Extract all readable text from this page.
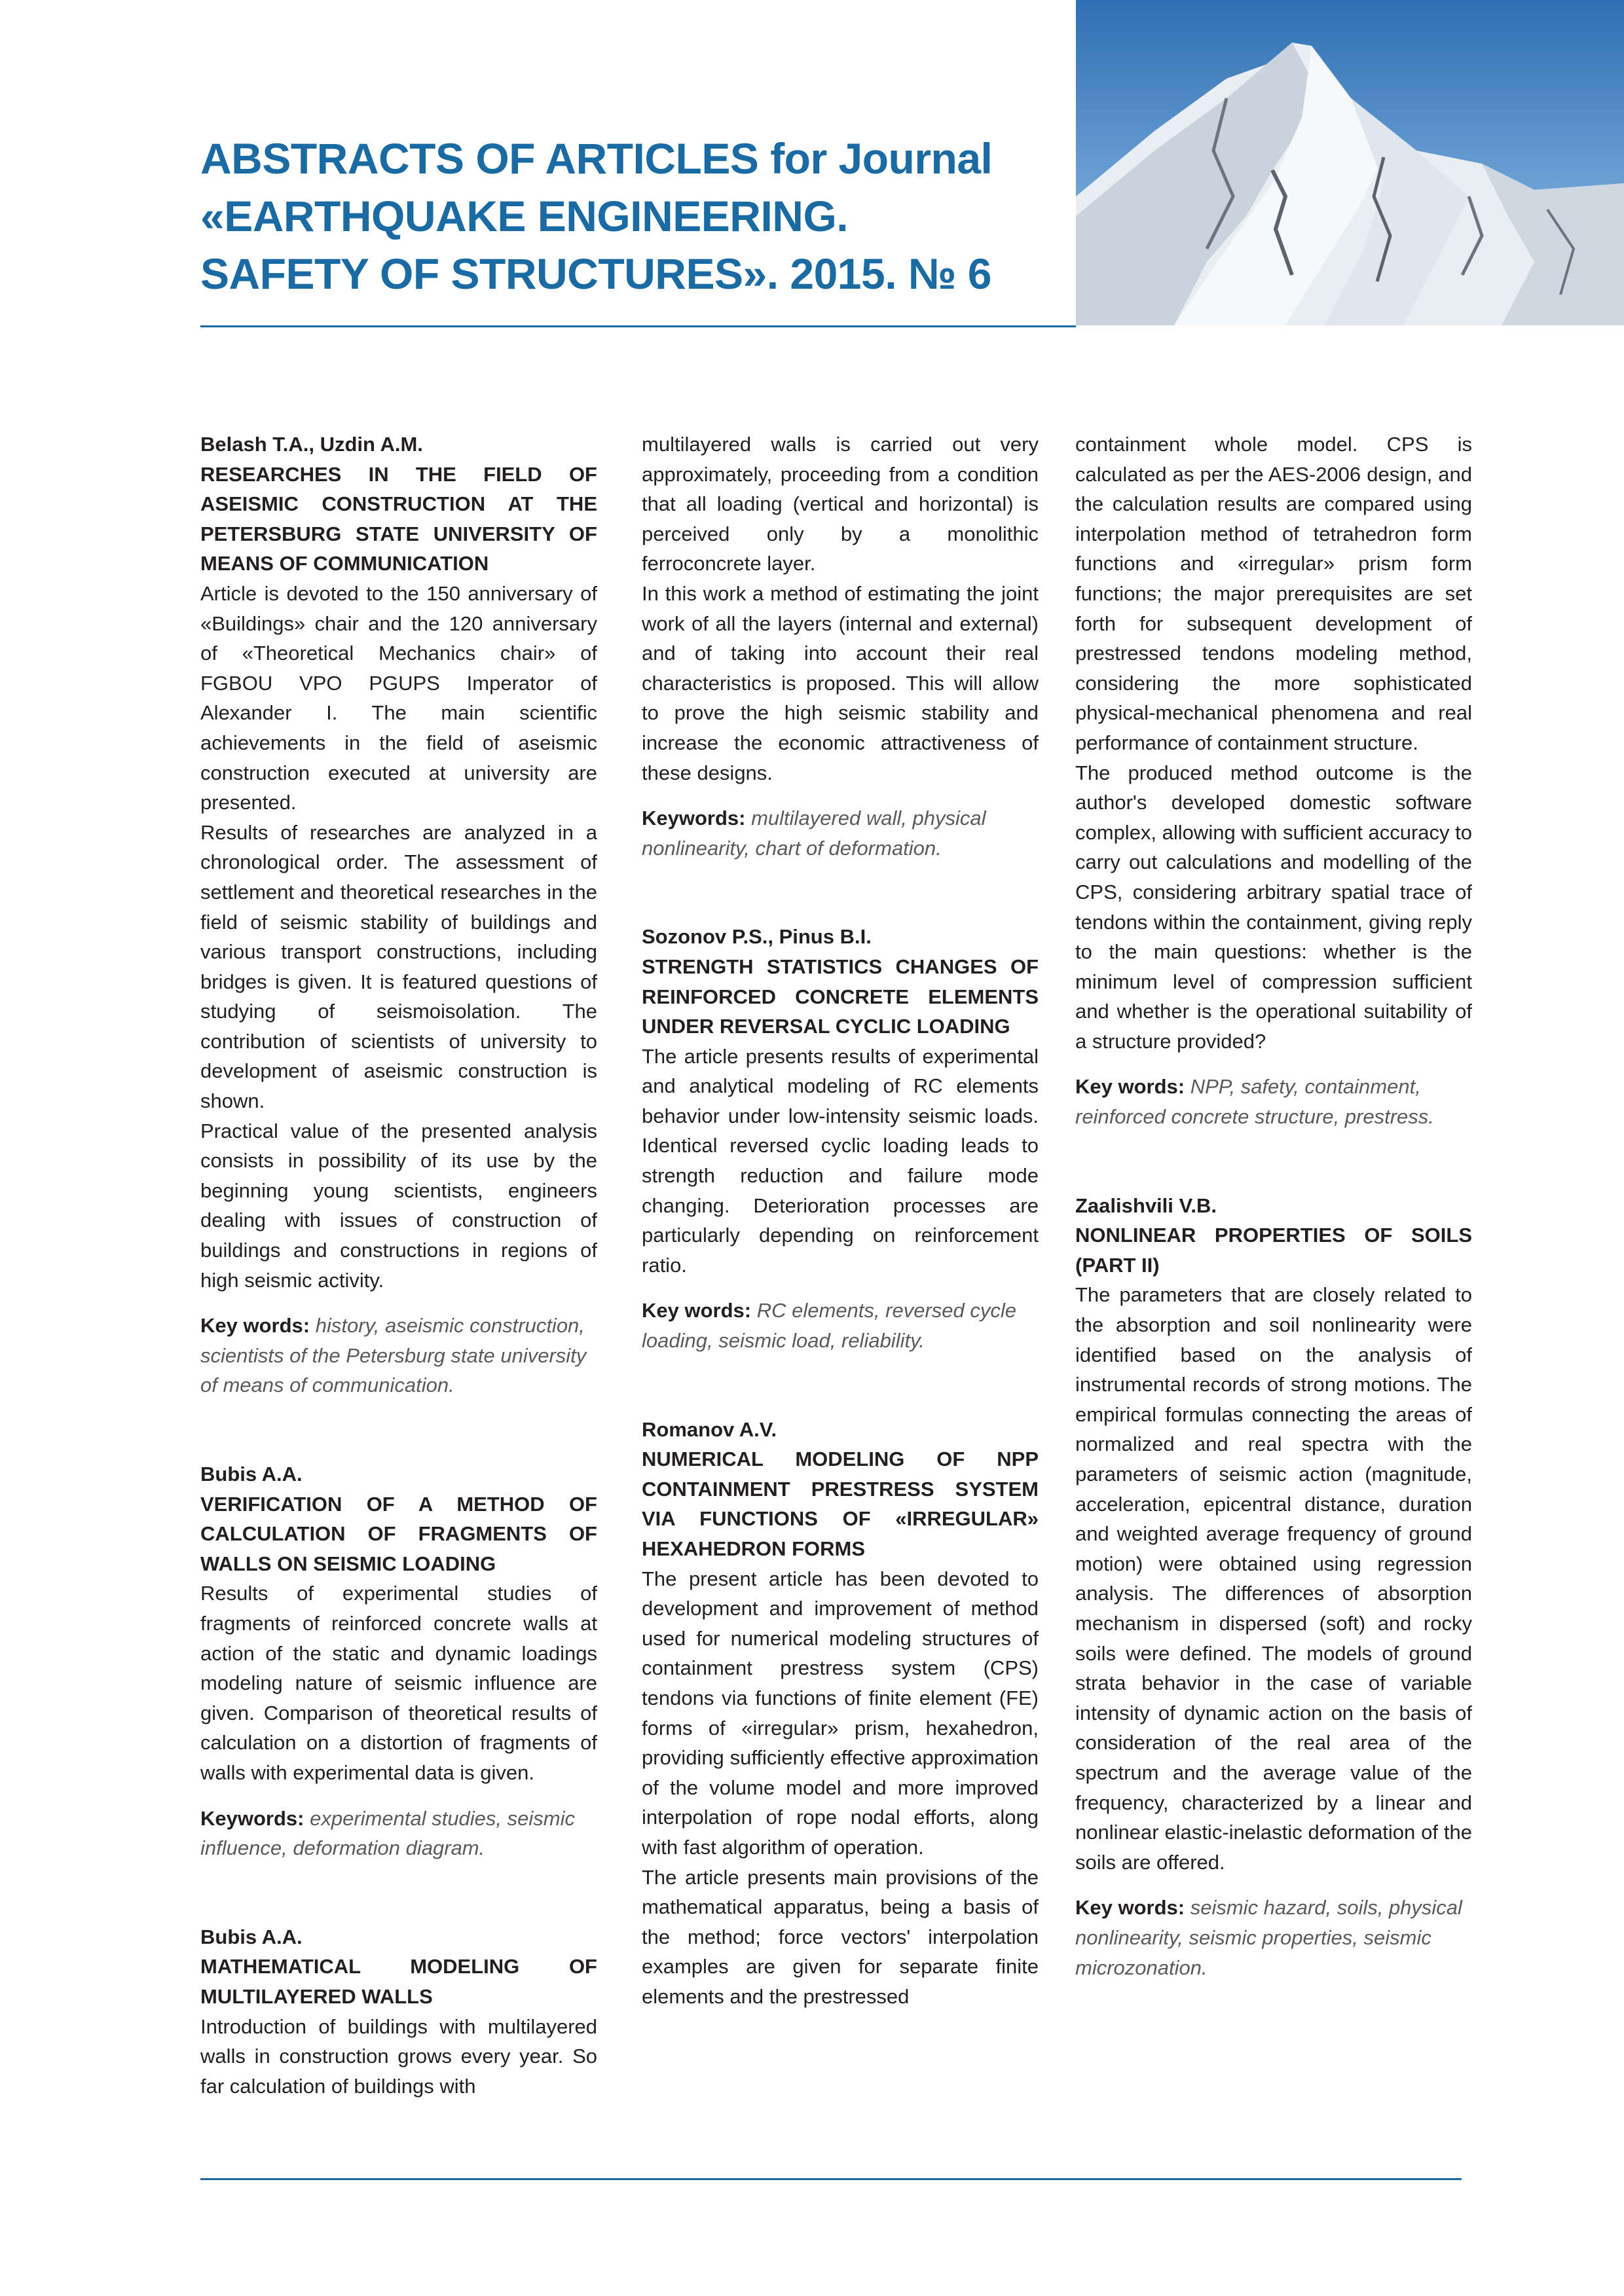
ABSTRACTS OF ARTICLES for Journal
«EARTHQUAKE ENGINEERING.
SAFETY OF STRUCTURES». 2015. № 6

Belash T.A., Uzdin A.M.

RESEARCHES IN THE FIELD OF ASEISMIC CONSTRUCTION AT THE PETERSBURG STATE UNIVERSITY OF MEANS OF COMMUNICATION

Article is devoted to the 150 anniversary of «Buildings» chair and the 120 anniversary of «Theoretical Mechanics chair» of FGBOU VPO PGUPS Imperator of Alexander I. The main scientific achievements in the field of aseismic construction executed at university are presented.

Results of researches are analyzed in a chronological order. The assessment of settlement and theoretical researches in the field of seismic stability of buildings and various transport constructions, including bridges is given. It is featured questions of studying of seismoisolation. The contribution of scientists of university to development of aseismic construction is shown.

Practical value of the presented analysis consists in possibility of its use by the beginning young scientists, engineers dealing with issues of construction of buildings and constructions in regions of high seismic activity.

Key words: history, aseismic construction, scientists of the Petersburg state university of means of communication.

Bubis A.A.

VERIFICATION OF A METHOD OF CALCULATION OF FRAGMENTS OF WALLS ON SEISMIC LOADING

Results of experimental studies of fragments of reinforced concrete walls at action of the static and dynamic loadings modeling nature of seismic influence are given. Comparison of theoretical results of calculation on a distortion of fragments of walls with experimental data is given.

Keywords: experimental studies, seismic influence, deformation diagram.

Bubis A.A.

MATHEMATICAL MODELING OF MULTILAYERED WALLS

Introduction of buildings with multilayered walls in construction grows every year. So far calculation of buildings with

multilayered walls is carried out very approximately, proceeding from a condition that all loading (vertical and horizontal) is perceived only by a monolithic ferroconcrete layer.

In this work a method of estimating the joint work of all the layers (internal and external) and of taking into account their real characteristics is proposed. This will allow to prove the high seismic stability and increase the economic attractiveness of these designs.

Keywords: multilayered wall, physical nonlinearity, chart of deformation.

Sozonov P.S., Pinus B.I.

STRENGTH STATISTICS CHANGES OF REINFORCED CONCRETE ELEMENTS UNDER REVERSAL CYCLIC LOADING

The article presents results of experimental and analytical modeling of RC elements behavior under low-intensity seismic loads. Identical reversed cyclic loading leads to strength reduction and failure mode changing. Deterioration processes are particularly depending on reinforcement ratio.

Key words: RC elements, reversed cycle loading, seismic load, reliability.

Romanov A.V.

NUMERICAL MODELING OF NPP CONTAINMENT PRESTRESS SYSTEM VIA FUNCTIONS OF «IRREGULAR» HEXAHEDRON FORMS

The present article has been devoted to development and improvement of method used for numerical modeling structures of containment prestress system (CPS) tendons via functions of finite element (FE) forms of «irregular» prism, hexahedron, providing sufficiently effective approximation of the volume model and more improved interpolation of rope nodal efforts, along with fast algorithm of operation.

The article presents main provisions of the mathematical apparatus, being a basis of the method; force vectors' interpolation examples are given for separate finite elements and the prestressed

containment whole model. CPS is calculated as per the AES-2006 design, and the calculation results are compared using interpolation method of tetrahedron form functions and «irregular» prism form functions; the major prerequisites are set forth for subsequent development of prestressed tendons modeling method, considering the more sophisticated physical-mechanical phenomena and real performance of containment structure.

The produced method outcome is the author's developed domestic software complex, allowing with sufficient accuracy to carry out calculations and modelling of the CPS, considering arbitrary spatial trace of tendons within the containment, giving reply to the main questions: whether is the minimum level of compression sufficient and whether is the operational suitability of a structure provided?

Key words: NPP, safety, containment, reinforced concrete structure, prestress.

Zaalishvili V.B.

NONLINEAR PROPERTIES OF SOILS (PART II)

The parameters that are closely related to the absorption and soil nonlinearity were identified based on the analysis of instrumental records of strong motions. The empirical formulas connecting the areas of normalized and real spectra with the parameters of seismic action (magnitude, acceleration, epicentral distance, duration and weighted average frequency of ground motion) were obtained using regression analysis. The differences of absorption mechanism in dispersed (soft) and rocky soils were defined. The models of ground strata behavior in the case of variable intensity of dynamic action on the basis of consideration of the real area of the spectrum and the average value of the frequency, characterized by a linear and nonlinear elastic-inelastic deformation of the soils are offered.

Key words: seismic hazard, soils, physical nonlinearity, seismic properties, seismic microzonation.
